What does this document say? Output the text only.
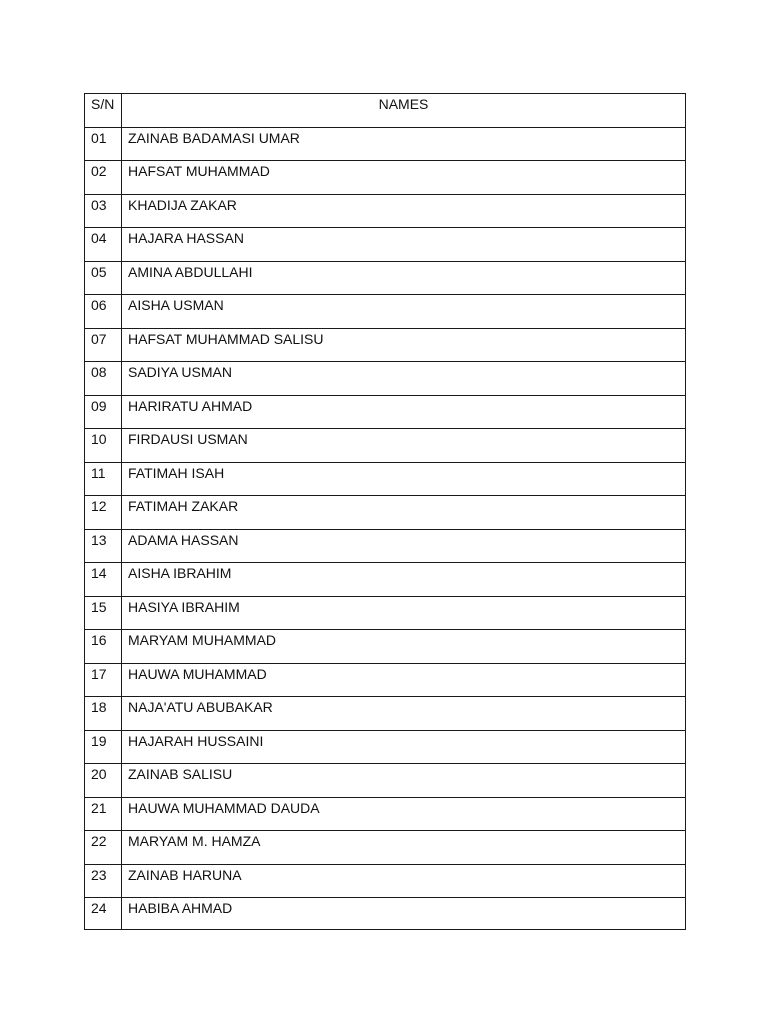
S/N	NAMES
01	ZAINAB BADAMASI UMAR
02	HAFSAT MUHAMMAD
03	KHADIJA ZAKAR
04	HAJARA HASSAN
05	AMINA ABDULLAHI
06	AISHA USMAN
07	HAFSAT MUHAMMAD SALISU
08	SADIYA USMAN
09	HARIRATU AHMAD
10	FIRDAUSI USMAN
11	FATIMAH ISAH
12	FATIMAH ZAKAR
13	ADAMA HASSAN
14	AISHA IBRAHIM
15	HASIYA IBRAHIM
16	MARYAM MUHAMMAD
17	HAUWA MUHAMMAD
18	NAJA'ATU ABUBAKAR
19	HAJARAH HUSSAINI
20	ZAINAB SALISU
21	HAUWA MUHAMMAD DAUDA
22	MARYAM M. HAMZA
23	ZAINAB HARUNA
24	HABIBA AHMAD
